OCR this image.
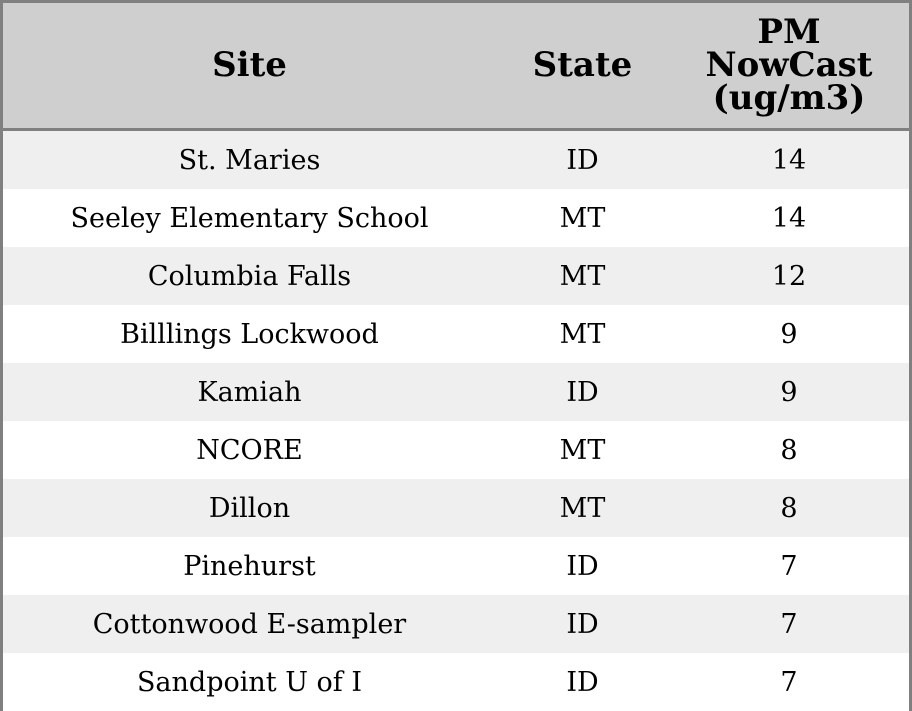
Site	State	PM NowCast (ug/m3)
St. Maries	ID	14
Seeley Elementary School	MT	14
Columbia Falls	MT	12
Billlings Lockwood	MT	9
Kamiah	ID	9
NCORE	MT	8
Dillon	MT	8
Pinehurst	ID	7
Cottonwood E-sampler	ID	7
Sandpoint U of I	ID	7
